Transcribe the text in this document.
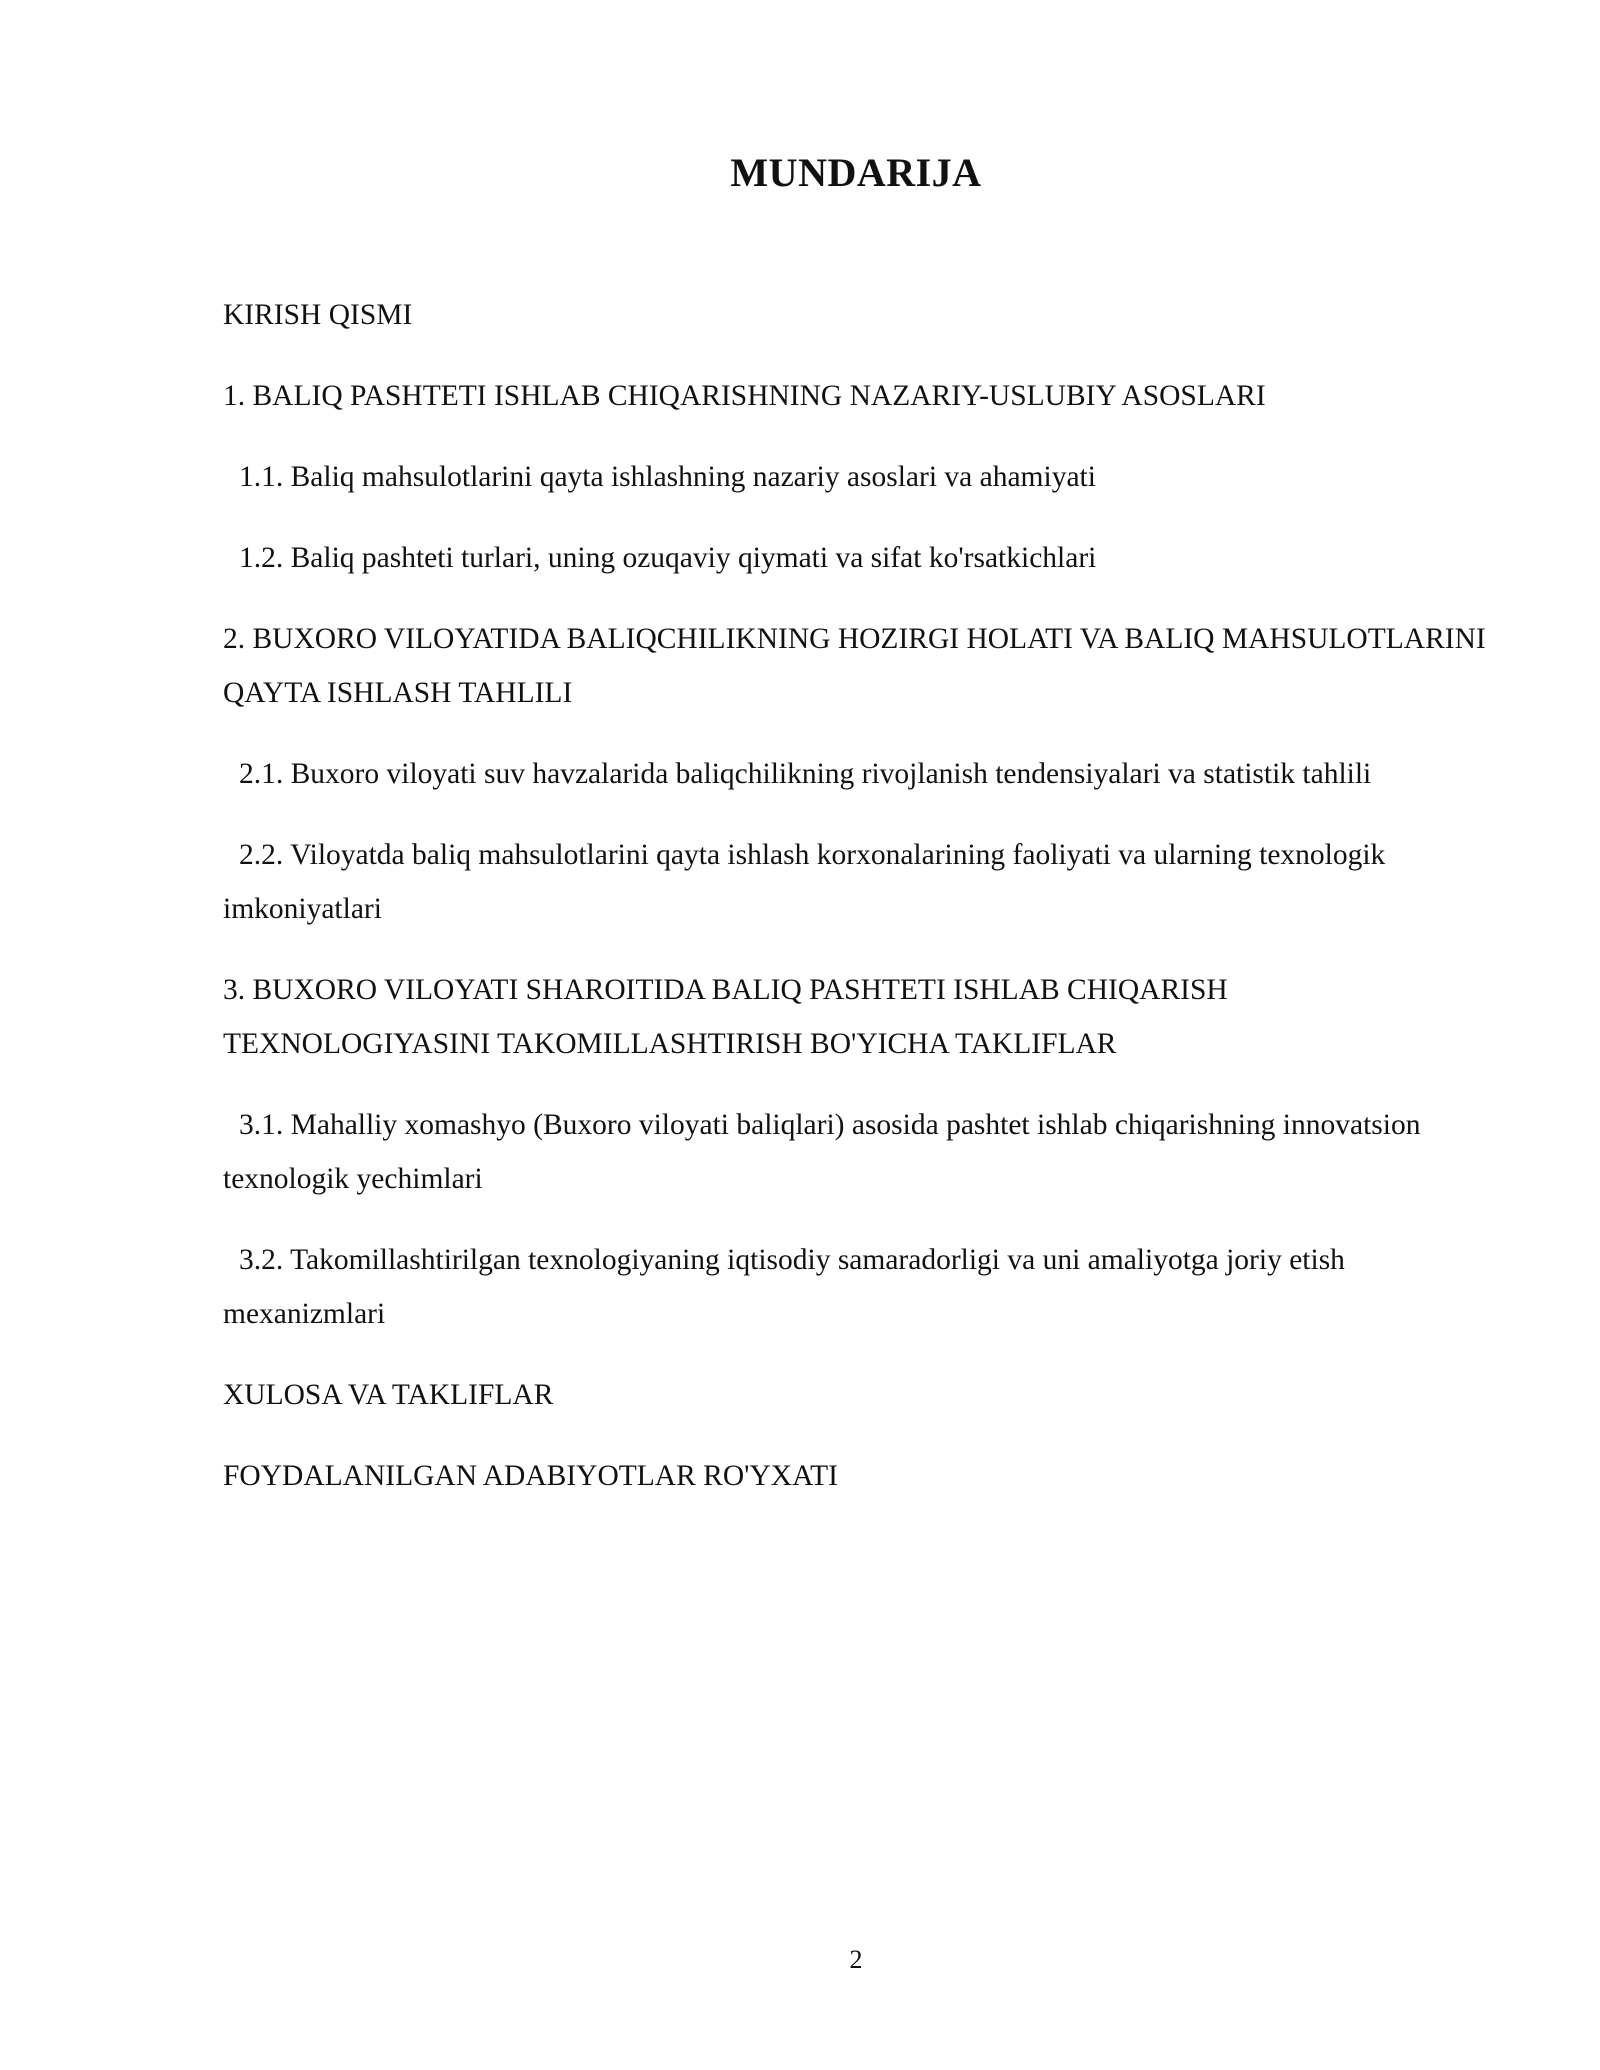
MUNDARIJA
KIRISH QISMI
1. BALIQ PASHTETI ISHLAB CHIQARISHNING NAZARIY-USLUBIY ASOSLARI
1.1. Baliq mahsulotlarini qayta ishlashning nazariy asoslari va ahamiyati
1.2. Baliq pashteti turlari, uning ozuqaviy qiymati va sifat ko'rsatkichlari
2. BUXORO VILOYATIDA BALIQCHILIKNING HOZIRGI HOLATI VA BALIQ MAHSULOTLARINI QAYTA ISHLASH TAHLILI
2.1. Buxoro viloyati suv havzalarida baliqchilikning rivojlanish tendensiyalari va statistik tahlili
2.2. Viloyatda baliq mahsulotlarini qayta ishlash korxonalarining faoliyati va ularning texnologik imkoniyatlari
3. BUXORO VILOYATI SHAROITIDA BALIQ PASHTETI ISHLAB CHIQARISH TEXNOLOGIYASINI TAKOMILLASHTIRISH BO'YICHA TAKLIFLAR
3.1. Mahalliy xomashyo (Buxoro viloyati baliqlari) asosida pashtet ishlab chiqarishning innovatsion texnologik yechimlari
3.2. Takomillashtirilgan texnologiyaning iqtisodiy samaradorligi va uni amaliyotga joriy etish mexanizmlari
XULOSA VA TAKLIFLAR
FOYDALANILGAN ADABIYOTLAR RO'YXATI
2
